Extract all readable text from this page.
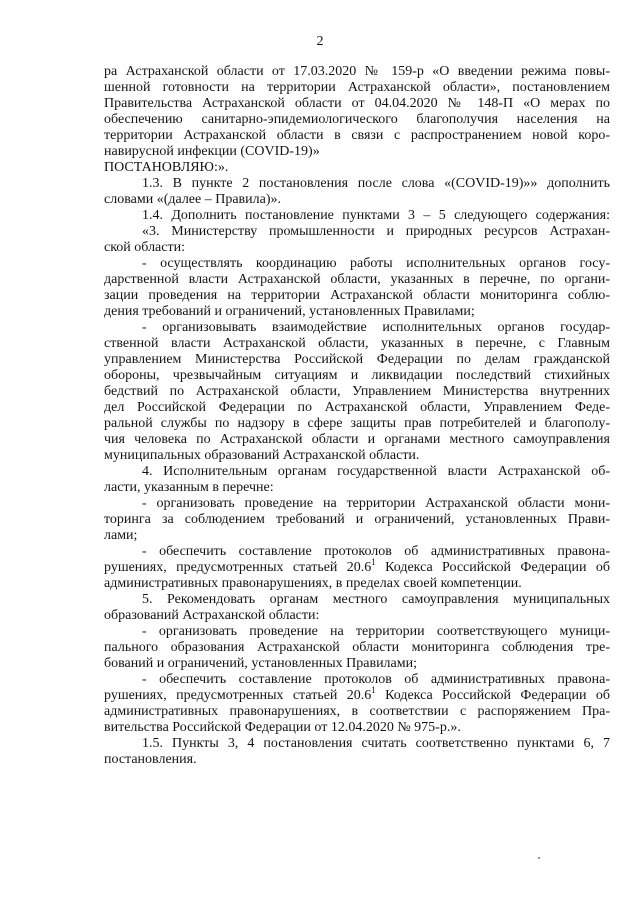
2
ра Астраханской области от 17.03.2020 № 159-р «О введении режима повы-
шенной готовности на территории Астраханской области», постановлением
Правительства Астраханской области от 04.04.2020 № 148-П «О мерах по
обеспечению санитарно-эпидемиологического благополучия населения на
территории Астраханской области в связи с распространением новой коро-
навирусной инфекции (COVID-19)»
ПОСТАНОВЛЯЮ:».
1.3. В пункте 2 постановления после слова «(COVID-19)»» дополнить
словами «(далее – Правила)».
1.4. Дополнить постановление пунктами 3 – 5 следующего содержания:
«3. Министерству промышленности и природных ресурсов Астрахан-
ской области:
- осуществлять координацию работы исполнительных органов госу-
дарственной власти Астраханской области, указанных в перечне, по органи-
зации проведения на территории Астраханской области мониторинга соблю-
дения требований и ограничений, установленных Правилами;
- организовывать взаимодействие исполнительных органов государ-
ственной власти Астраханской области, указанных в перечне, с Главным
управлением Министерства Российской Федерации по делам гражданской
обороны, чрезвычайным ситуациям и ликвидации последствий стихийных
бедствий по Астраханской области, Управлением Министерства внутренних
дел Российской Федерации по Астраханской области, Управлением Феде-
ральной службы по надзору в сфере защиты прав потребителей и благополу-
чия человека по Астраханской области и органами местного самоуправления
муниципальных образований Астраханской области.
4. Исполнительным органам государственной власти Астраханской об-
ласти, указанным в перечне:
- организовать проведение на территории Астраханской области мони-
торинга за соблюдением требований и ограничений, установленных Прави-
лами;
- обеспечить составление протоколов об административных правона-
рушениях, предусмотренных статьей 20.6$^1$ Кодекса Российской Федерации об
административных правонарушениях, в пределах своей компетенции.
5. Рекомендовать органам местного самоуправления муниципальных
образований Астраханской области:
- организовать проведение на территории соответствующего муници-
пального образования Астраханской области мониторинга соблюдения тре-
бований и ограничений, установленных Правилами;
- обеспечить составление протоколов об административных правона-
рушениях, предусмотренных статьей 20.6$^1$ Кодекса Российской Федерации об
административных правонарушениях, в соответствии с распоряжением Пра-
вительства Российской Федерации от 12.04.2020 № 975-р.».
1.5. Пункты 3, 4 постановления считать соответственно пунктами 6, 7
постановления.
